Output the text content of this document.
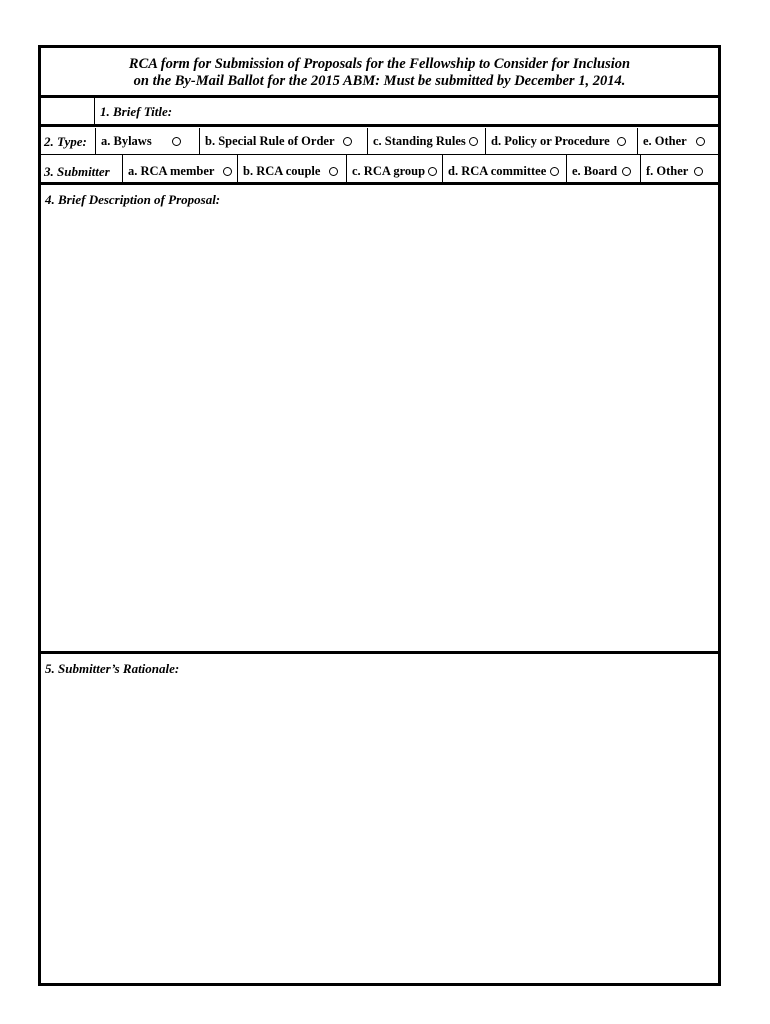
RCA form for Submission of Proposals for the Fellowship to Consider for Inclusion
on the By-Mail Ballot for the 2015 ABM: Must be submitted by December 1, 2014.
1. Brief Title:
2. Type: a. Bylaws	b. Special Rule of Order	c. Standing Rules d. Policy or Procedure	e. Other
3. Submitter a. RCA member b. RCA couple	c. RCA group d. RCA committee e. Board f. Other
4. Brief Description of Proposal:
5. Submitter’s Rationale:
